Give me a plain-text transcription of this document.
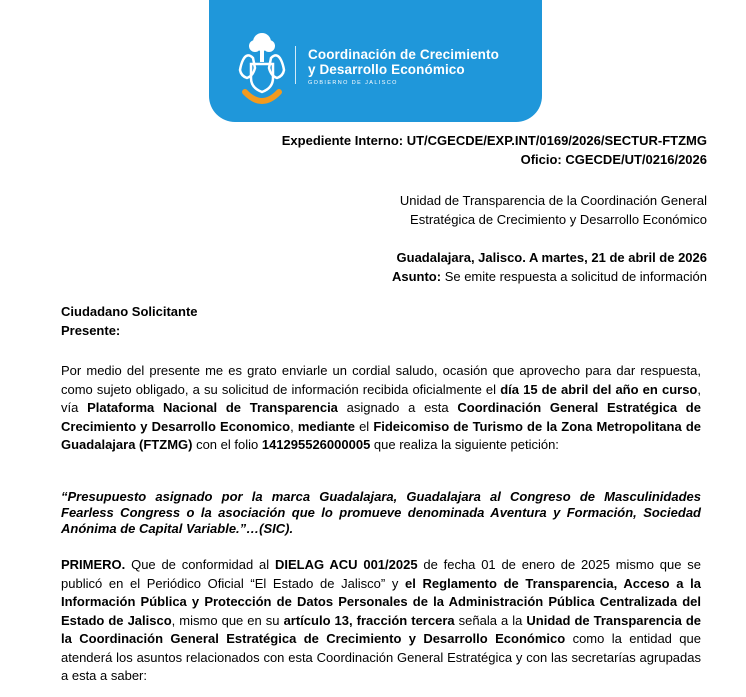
Coordinación de Crecimiento
y Desarrollo Económico
GOBIERNO DE JALISCO
Expediente Interno: UT/CGECDE/EXP.INT/0169/2026/SECTUR-FTZMG
Oficio: CGECDE/UT/0216/2026
Unidad de Transparencia de la Coordinación General
Estratégica de Crecimiento y Desarrollo Económico
Guadalajara, Jalisco. A martes, 21 de abril de 2026
Asunto: Se emite respuesta a solicitud de información
Ciudadano Solicitante
Presente:
Por medio del presente me es grato enviarle un cordial saludo, ocasión que aprovecho para dar respuesta, como sujeto obligado, a su solicitud de información recibida oficialmente el día 15 de abril del año en curso, vía Plataforma Nacional de Transparencia asignado a esta Coordinación General Estratégica de Crecimiento y Desarrollo Economico, mediante el Fideicomiso de Turismo de la Zona Metropolitana de Guadalajara (FTZMG) con el folio 141295526000005 que realiza la siguiente petición:
“Presupuesto asignado por la marca Guadalajara, Guadalajara al Congreso de Masculinidades Fearless Congress o la asociación que lo promueve denominada Aventura y Formación, Sociedad Anónima de Capital Variable.”…(SIC).
PRIMERO. Que de conformidad al DIELAG ACU 001/2025 de fecha 01 de enero de 2025 mismo que se publicó en el Periódico Oficial “El Estado de Jalisco” y el Reglamento de Transparencia, Acceso a la Información Pública y Protección de Datos Personales de la Administración Pública Centralizada del Estado de Jalisco, mismo que en su artículo 13, fracción tercera señala a la Unidad de Transparencia de la Coordinación General Estratégica de Crecimiento y Desarrollo Económico como la entidad que atenderá los asuntos relacionados con esta Coordinación General Estratégica y con las secretarías agrupadas a esta a saber:
